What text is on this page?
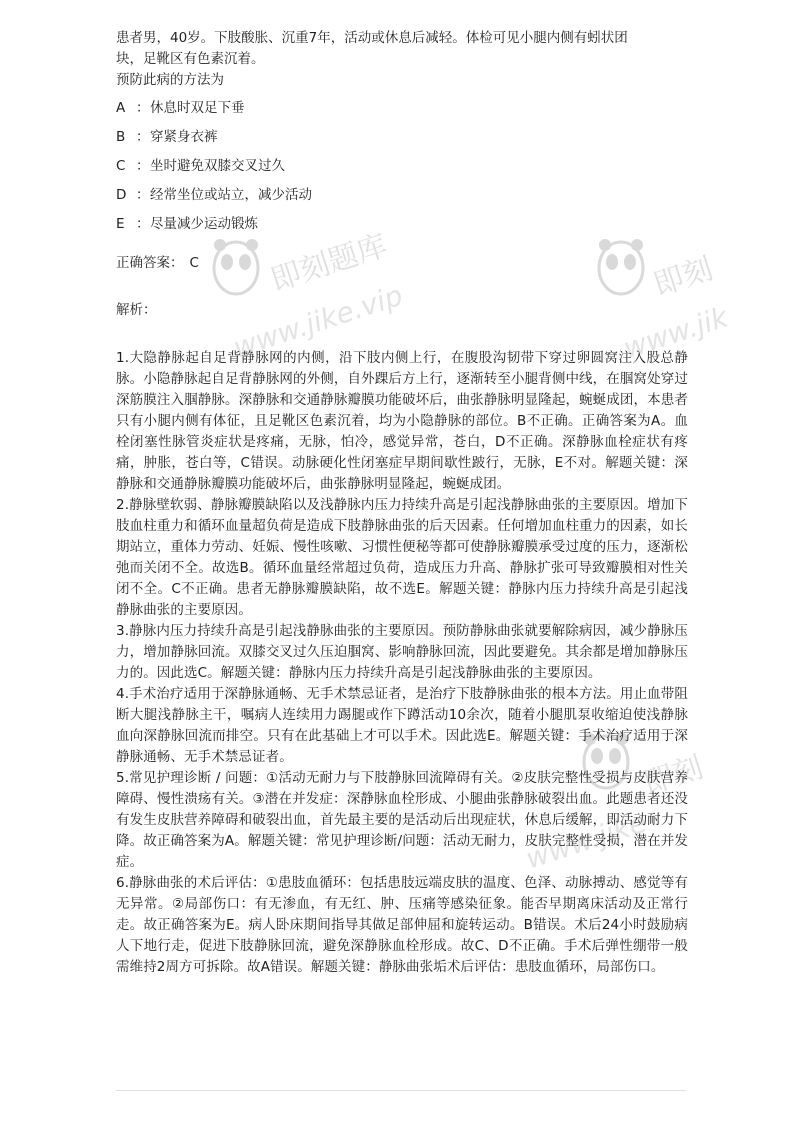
即刻题库
www.jike.vip
即刻
www.jik
即刻
www.jike

患者男，40岁。下肢酸胀、沉重7年，活动或休息后减轻。体检可见小腿内侧有蚓状团

块，足靴区有色素沉着。

预防此病的方法为

A ：休息时双足下垂
B ：穿紧身衣裤
C ：坐时避免双膝交叉过久
D ：经常坐位或站立，减少活动
E ：尽量减少运动锻炼
正确答案： C
解析：

1.大隐静脉起自足背静脉网的内侧，沿下肢内侧上行，在腹股沟韧带下穿过卵圆窝注入股总静脉。小隐静脉起自足背静脉网的外侧，自外踝后方上行，逐渐转至小腿背侧中线，在腘窝处穿过深筋膜注入腘静脉。深静脉和交通静脉瓣膜功能破坏后，曲张静脉明显隆起，蜿蜒成团，本患者只有小腿内侧有体征，且足靴区色素沉着，均为小隐静脉的部位。B不正确。正确答案为A。血栓闭塞性脉管炎症状是疼痛，无脉，怕冷，感觉异常，苍白，D不正确。深静脉血栓症状有疼痛，肿胀，苍白等，C错误。动脉硬化性闭塞症早期间歇性跛行，无脉，E不对。解题关键：深静脉和交通静脉瓣膜功能破坏后，曲张静脉明显隆起，蜿蜒成团。

2.静脉壁软弱、静脉瓣膜缺陷以及浅静脉内压力持续升高是引起浅静脉曲张的主要原因。增加下肢血柱重力和循环血量超负荷是造成下肢静脉曲张的后天因素。任何增加血柱重力的因素，如长期站立，重体力劳动、妊娠、慢性咳嗽、习惯性便秘等都可使静脉瓣膜承受过度的压力，逐渐松弛而关闭不全。故选B。循环血量经常超过负荷，造成压力升高、静脉扩张可导致瓣膜相对性关闭不全。C不正确。患者无静脉瓣膜缺陷，故不选E。解题关键：静脉内压力持续升高是引起浅静脉曲张的主要原因。

3.静脉内压力持续升高是引起浅静脉曲张的主要原因。预防静脉曲张就要解除病因，减少静脉压力，增加静脉回流。双膝交叉过久压迫腘窝、影响静脉回流，因此要避免。其余都是增加静脉压力的。因此选C。解题关键：静脉内压力持续升高是引起浅静脉曲张的主要原因。

4.手术治疗适用于深静脉通畅、无手术禁忌证者，是治疗下肢静脉曲张的根本方法。用止血带阻断大腿浅静脉主干，嘱病人连续用力踢腿或作下蹲活动10余次，随着小腿肌泵收缩迫使浅静脉血向深静脉回流而排空。只有在此基础上才可以手术。因此选E。解题关键：手术治疗适用于深静脉通畅、无手术禁忌证者。

5.常见护理诊断 / 问题：①活动无耐力与下肢静脉回流障碍有关。②皮肤完整性受损与皮肤营养障碍、慢性溃疡有关。③潜在并发症：深静脉血栓形成、小腿曲张静脉破裂出血。此题患者还没有发生皮肤营养障碍和破裂出血，首先最主要的是活动后出现症状，休息后缓解，即活动耐力下降。故正确答案为A。解题关键：常见护理诊断/问题：活动无耐力，皮肤完整性受损，潜在并发症。

6.静脉曲张的术后评估：①患肢血循环：包括患肢远端皮肤的温度、色泽、动脉搏动、感觉等有无异常。②局部伤口：有无渗血，有无红、肿、压痛等感染征象。能否早期离床活动及正常行走。故正确答案为E。病人卧床期间指导其做足部伸屈和旋转运动。B错误。术后24小时鼓励病人下地行走，促进下肢静脉回流，避免深静脉血栓形成。故C、D不正确。手术后弹性绷带一般需维持2周方可拆除。故A错误。解题关键：静脉曲张垢术后评估：患肢血循环，局部伤口。
